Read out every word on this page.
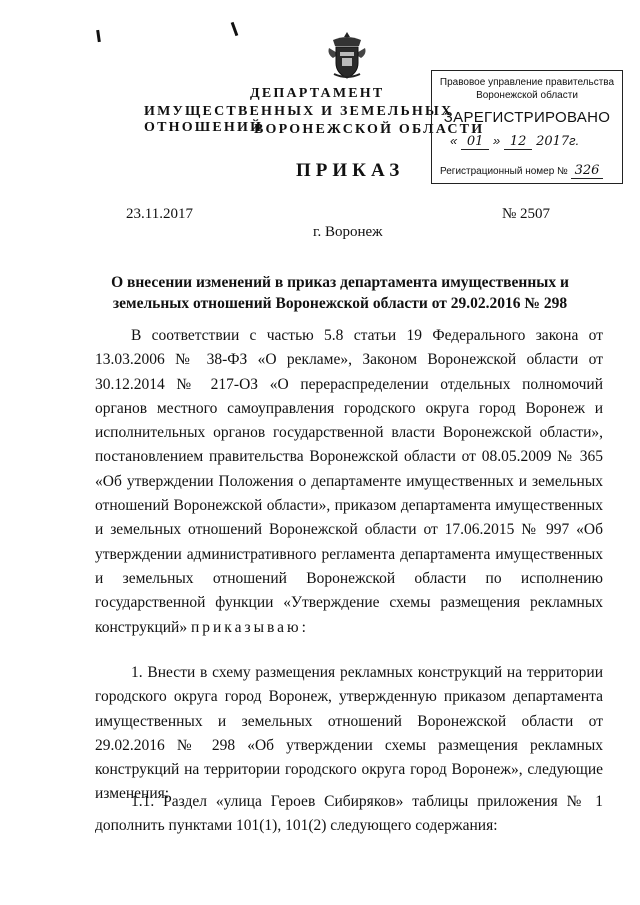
ДЕПАРТАМЕНТ
ИМУЩЕСТВЕННЫХ И ЗЕМЕЛЬНЫХ ОТНОШЕНИЙ
ВОРОНЕЖСКОЙ ОБЛАСТИ
ПРИКАЗ
Правовое управление правительства
Воронежской области
ЗАРЕГИСТРИРОВАНО
« 01 » 12 2017г.
Регистрационный номер № 326
23.11.2017	№ 2507
г. Воронеж
О внесении изменений в приказ департамента имущественных и земельных отношений Воронежской области от 29.02.2016 № 298

В соответствии с частью 5.8 статьи 19 Федерального закона от 13.03.2006 № 38-ФЗ «О рекламе», Законом Воронежской области от 30.12.2014 № 217-ОЗ «О перераспределении отдельных полномочий органов местного самоуправления городского округа город Воронеж и исполнительных органов государственной власти Воронежской области», постановлением правительства Воронежской области от 08.05.2009 № 365 «Об утверждении Положения о департаменте имущественных и земельных отношений Воронежской области», приказом департамента имущественных и земельных отношений Воронежской области от 17.06.2015 № 997 «Об утверждении административного регламента департамента имущественных и земельных отношений Воронежской области по исполнению государственной функции «Утверждение схемы размещения рекламных конструкций» приказываю:

1. Внести в схему размещения рекламных конструкций на территории городского округа город Воронеж, утвержденную приказом департамента имущественных и земельных отношений Воронежской области от 29.02.2016 № 298 «Об утверждении схемы размещения рекламных конструкций на территории городского округа город Воронеж», следующие изменения:

1.1. Раздел «улица Героев Сибиряков» таблицы приложения № 1 дополнить пунктами 101(1), 101(2) следующего содержания:
